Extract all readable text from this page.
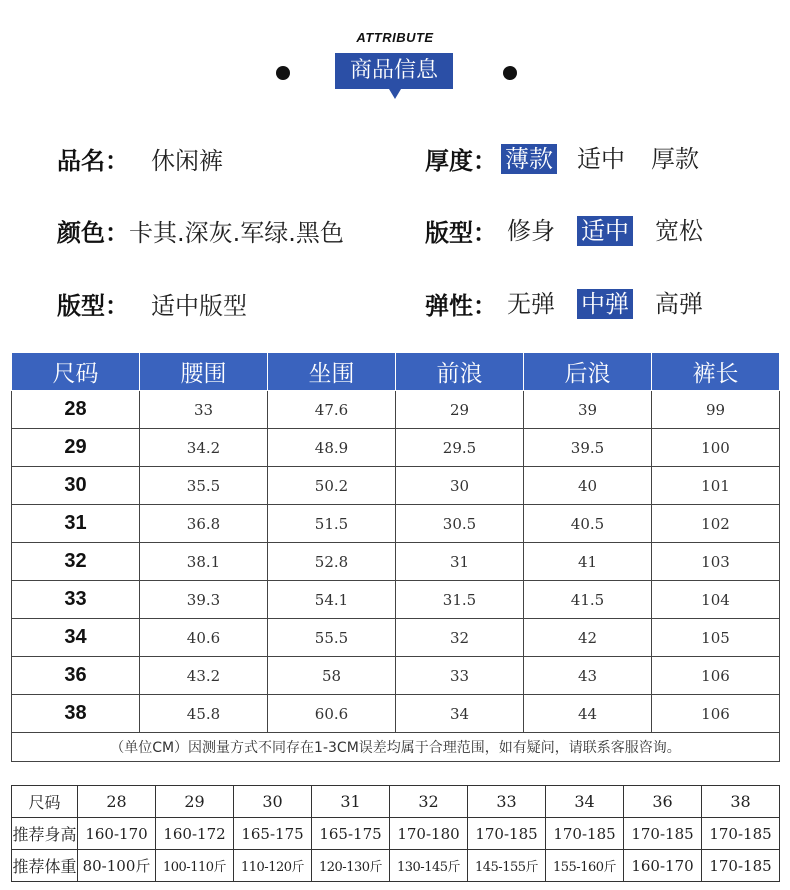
ATTRIBUTE
商品信息
品名： 休闲裤
颜色： 卡其.深灰.军绿.黑色
版型： 适中版型
厚度： 薄款 适中 厚款
版型： 修身 适中 宽松
弹性： 无弹 中弹 高弹
尺码	腰围	坐围	前浪	后浪	裤长
28	33	47.6	29	39	99
29	34.2	48.9	29.5	39.5	100
30	35.5	50.2	30	40	101
31	36.8	51.5	30.5	40.5	102
32	38.1	52.8	31	41	103
33	39.3	54.1	31.5	41.5	104
34	40.6	55.5	32	42	105
36	43.2	58	33	43	106
38	45.8	60.6	34	44	106
（单位CM）因测量方式不同存在1-3CM误差均属于合理范围，如有疑问，请联系客服咨询。					
尺码	28	29	30	31	32	33	34	36	38
推荐身高	160-170	160-172	165-175	165-175	170-180	170-185	170-185	170-185	170-185
推荐体重	80-100斤	100-110斤	110-120斤	120-130斤	130-145斤	145-155斤	155-160斤	160-170	170-185
